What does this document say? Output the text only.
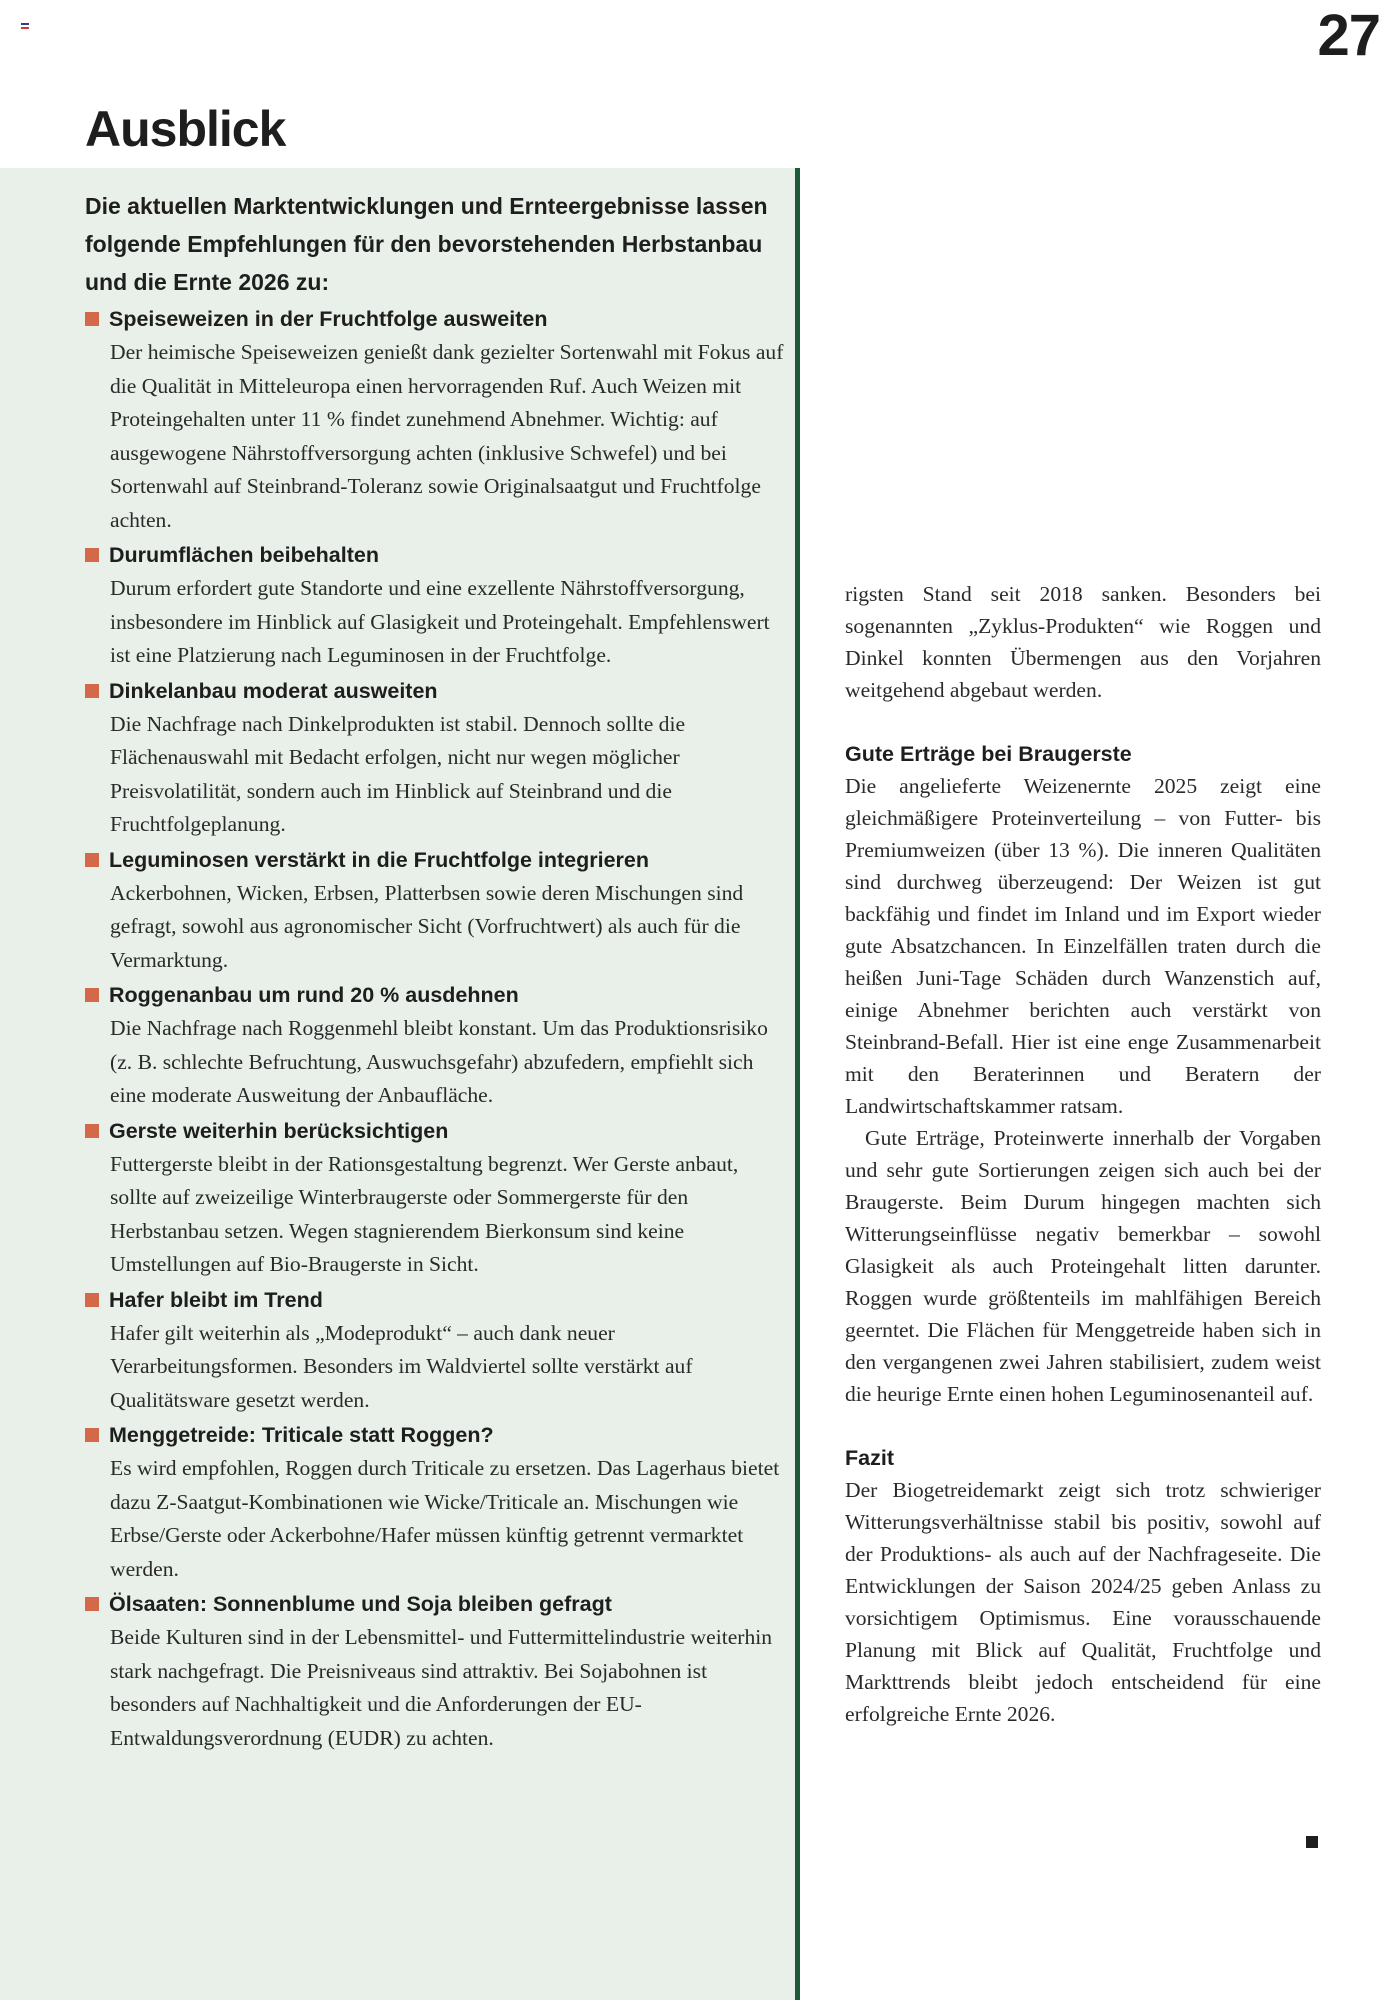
27
Ausblick

Die aktuellen Marktentwicklungen und Ernteergebnisse lassen folgende Empfehlungen für den bevorstehenden Herbstanbau und die Ernte 2026 zu:

Speiseweizen in der Fruchtfolge ausweiten

Der heimische Speiseweizen genießt dank gezielter Sortenwahl mit Fokus auf die Qualität in Mitteleuropa einen hervorragenden Ruf. Auch Weizen mit Proteingehalten unter 11 % findet zunehmend Abnehmer. Wichtig: auf ausgewogene Nährstoffversorgung achten (inklusive Schwefel) und bei Sortenwahl auf Steinbrand-Toleranz sowie Originalsaatgut und Fruchtfolge achten.

Durumflächen beibehalten

Durum erfordert gute Standorte und eine exzellente Nährstoffversorgung, insbesondere im Hinblick auf Glasigkeit und Proteingehalt. Empfehlenswert ist eine Platzierung nach Leguminosen in der Fruchtfolge.

Dinkelanbau moderat ausweiten

Die Nachfrage nach Dinkelprodukten ist stabil. Dennoch sollte die Flächenauswahl mit Bedacht erfolgen, nicht nur wegen möglicher Preisvolatilität, sondern auch im Hinblick auf Steinbrand und die Fruchtfolgeplanung.

Leguminosen verstärkt in die Fruchtfolge integrieren

Ackerbohnen, Wicken, Erbsen, Platterbsen sowie deren Mischungen sind gefragt, sowohl aus agronomischer Sicht (Vorfruchtwert) als auch für die Vermarktung.

Roggenanbau um rund 20 % ausdehnen

Die Nachfrage nach Roggenmehl bleibt konstant. Um das Produktionsrisiko (z. B. schlechte Befruchtung, Auswuchsgefahr) abzufedern, empfiehlt sich eine moderate Ausweitung der Anbaufläche.

Gerste weiterhin berücksichtigen

Futtergerste bleibt in der Rationsgestaltung begrenzt. Wer Gerste anbaut, sollte auf zweizeilige Winterbraugerste oder Sommergerste für den Herbstanbau setzen. Wegen stagnierendem Bierkonsum sind keine Umstellungen auf Bio-Braugerste in Sicht.

Hafer bleibt im Trend

Hafer gilt weiterhin als „Modeprodukt“ – auch dank neuer Verarbeitungsformen. Besonders im Waldviertel sollte verstärkt auf Qualitätsware gesetzt werden.

Menggetreide: Triticale statt Roggen?

Es wird empfohlen, Roggen durch Triticale zu ersetzen. Das Lagerhaus bietet dazu Z-Saatgut-Kombinationen wie Wicke/Triticale an. Mischungen wie Erbse/Gerste oder Ackerbohne/Hafer müssen künftig getrennt vermarktet werden.

Ölsaaten: Sonnenblume und Soja bleiben gefragt

Beide Kulturen sind in der Lebensmittel- und Futtermittelindustrie weiterhin stark nachgefragt. Die Preisniveaus sind attraktiv. Bei Sojabohnen ist besonders auf Nachhaltigkeit und die Anforderungen der EU-Entwaldungsverordnung (EUDR) zu achten.

rigsten Stand seit 2018 sanken. Besonders bei sogenannten „Zyklus-Produkten“ wie Roggen und Dinkel konnten Übermengen aus den Vorjahren weitgehend abgebaut werden.

Gute Erträge bei Braugerste

Die angelieferte Weizenernte 2025 zeigt eine gleichmäßigere Proteinverteilung – von Futter- bis Premiumweizen (über 13 %). Die inneren Qualitäten sind durchweg überzeugend: Der Weizen ist gut backfähig und findet im Inland und im Export wieder gute Absatzchancen. In Einzelfällen traten durch die heißen Juni-Tage Schäden durch Wanzenstich auf, einige Abnehmer berichten auch verstärkt von Steinbrand-Befall. Hier ist eine enge Zusammenarbeit mit den Beraterinnen und Beratern der Landwirtschaftskammer ratsam.

Gute Erträge, Proteinwerte innerhalb der Vorgaben und sehr gute Sortierungen zeigen sich auch bei der Braugerste. Beim Durum hingegen machten sich Witterungseinflüsse negativ bemerkbar – sowohl Glasigkeit als auch Proteingehalt litten darunter. Roggen wurde größtenteils im mahlfähigen Bereich geerntet. Die Flächen für Menggetreide haben sich in den vergangenen zwei Jahren stabilisiert, zudem weist die heurige Ernte einen hohen Leguminosenanteil auf.

Fazit

Der Biogetreidemarkt zeigt sich trotz schwieriger Witterungsverhältnisse stabil bis positiv, sowohl auf der Produktions- als auch auf der Nachfrageseite. Die Entwicklungen der Saison 2024/25 geben Anlass zu vorsichtigem Optimismus. Eine vorausschauende Planung mit Blick auf Qualität, Fruchtfolge und Markttrends bleibt jedoch entscheidend für eine erfolgreiche Ernte 2026.
